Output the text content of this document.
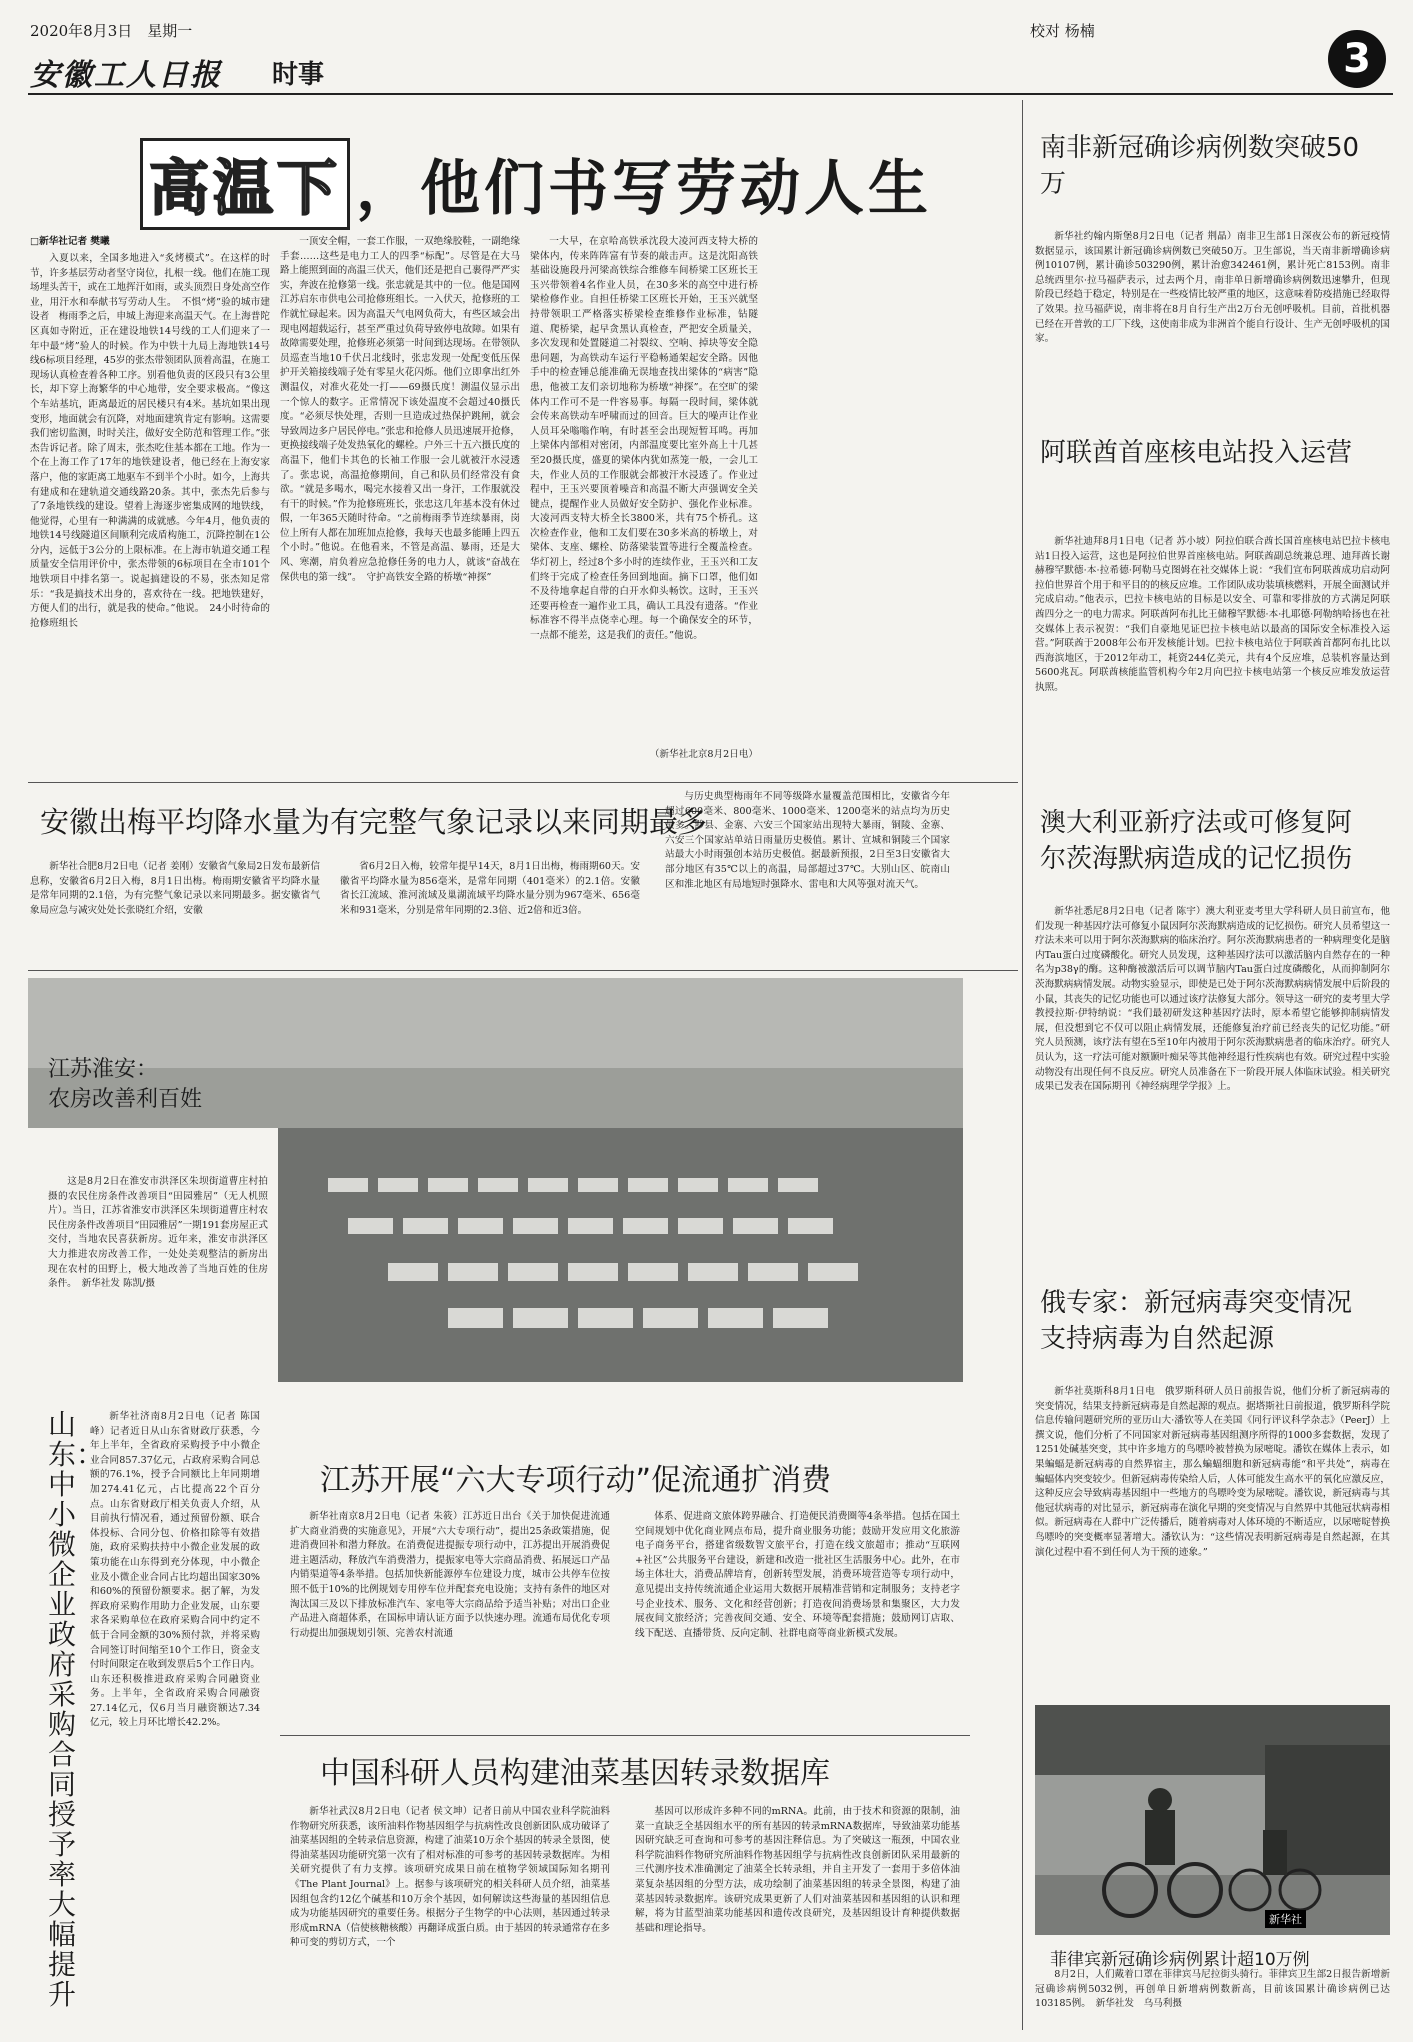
2020年8月3日　星期一
安徽工人日报 时事
校对 杨楠
3
高温下 ，他们书写劳动人生
□新华社记者 樊曦

入夏以来，全国多地进入“炙烤模式”。在这样的时节，许多基层劳动者坚守岗位，扎根一线。他们在施工现场埋头苦干，或在工地挥汗如雨，或头顶烈日身处高空作业，用汗水和奉献书写劳动人生。　不惧“烤”验的城市建设者　梅雨季之后，申城上海迎来高温天气。在上海普陀区真如寺附近，正在建设地铁14号线的工人们迎来了一年中最“烤”验人的时候。作为中铁十九局上海地铁14号线6标项目经理，45岁的张杰带领团队顶着高温，在施工现场认真检查着各种工序。别看他负责的区段只有3公里长，却下穿上海繁华的中心地带，安全要求极高。“像这个车站基坑，距离最近的居民楼只有4米。基坑如果出现变形，地面就会有沉降，对地面建筑肯定有影响。这需要我们密切监测，时时关注，做好安全防范和管理工作。”张杰告诉记者。除了周末，张杰吃住基本都在工地。作为一个在上海工作了17年的地铁建设者，他已经在上海安家落户，他的家距离工地驱车不到半个小时。如今，上海共有建成和在建轨道交通线路20条。其中，张杰先后参与了7条地铁线的建设。望着上海逐步密集成网的地铁线，他觉得，心里有一种满满的成就感。今年4月，他负责的地铁14号线隧道区间顺利完成盾构施工，沉降控制在1公分内，远低于3公分的上限标准。在上海市轨道交通工程质量安全信用评价中，张杰带领的6标项目在全市101个地铁项目中排名第一。说起搞建设的不易，张杰知足常乐：“我是搞技术出身的，喜欢待在一线。把地铁建好，方便人们的出行，就是我的使命。”他说。　24小时待命的抢修班组长

一顶安全帽，一套工作服，一双绝缘胶鞋，一副绝缘手套……这些是电力工人的四季“标配”。尽管是在大马路上能照到面的高温三伏天，他们还是把自己裹得严严实实，奔波在抢修第一线。张忠就是其中的一位。他是国网江苏启东市供电公司抢修班组长。一入伏天，抢修班的工作就忙碌起来。因为高温天气电网负荷大，有些区域会出现电网超载运行，甚至严重过负荷导致停电故障。如果有故障需要处理，抢修班必须第一时间到达现场。在带领队员巡查当地10千伏吕北线时，张忠发现一处配变低压保护开关箱接线端子处有零星火花闪烁。他们立即拿出红外测温仪，对准火花处一打——69摄氏度！测温仪显示出一个惊人的数字。正常情况下该处温度不会超过40摄氏度。“必须尽快处理，否则一旦造成过热保护跳闸，就会导致周边多户居民停电。”张忠和抢修人员迅速展开抢修，更换接线端子处发热氧化的螺栓。户外三十五六摄氏度的高温下，他们卡其色的长袖工作服一会儿就被汗水浸透了。张忠说，高温抢修期间，自己和队员们经常没有食欲。“就是多喝水，喝完水接着又出一身汗，工作服就没有干的时候。”作为抢修班班长，张忠这几年基本没有休过假，一年365天随时待命。“之前梅雨季节连续暴雨，岗位上所有人都在加班加点抢修，我每天也最多能睡上四五个小时。”他说。在他看来，不管是高温、暴雨，还是大风、寒潮，肩负着应急抢修任务的电力人，就该“奋战在保供电的第一线”。　守护高铁安全路的桥墩“神探”

一大早，在京哈高铁承沈段大凌河西支特大桥的梁体内，传来阵阵富有节奏的敲击声。这是沈阳高铁基础设施段丹河梁高铁综合维修车间桥梁工区班长王玉兴带领着4名作业人员，在30多米的高空中进行桥梁检修作业。自担任桥梁工区班长开始，王玉兴就坚持带领职工严格落实桥梁检查维修作业标准，钻隧道、爬桥梁，起早贪黑认真检查，严把安全质量关，多次发现和处置隧道二衬裂纹、空响、掉块等安全隐患问题，为高铁动车运行平稳畅通架起安全路。因他手中的检查锤总能准确无误地查找出梁体的“病害”隐患，他被工友们亲切地称为桥墩“神探”。在空旷的梁体内工作可不是一件容易事。每隔一段时间，梁体就会传来高铁动车呼啸而过的回音。巨大的噪声让作业人员耳朵嗡嗡作响，有时甚至会出现短暂耳鸣。再加上梁体内部相对密闭，内部温度要比室外高上十几甚至20摄氏度，盛夏的梁体内犹如蒸笼一般，一会儿工夫，作业人员的工作服就会都被汗水浸透了。作业过程中，王玉兴要顶着噪音和高温不断大声强调安全关键点，提醒作业人员做好安全防护、强化作业标准。大凌河西支特大桥全长3800米，共有75个桥孔。这次检查作业，他和工友们要在30多米高的桥墩上，对梁体、支座、螺栓、防落梁装置等进行全覆盖检查。华灯初上，经过8个多小时的连续作业，王玉兴和工友们终于完成了检查任务回到地面。摘下口罩，他们如不及待地拿起自带的白开水仰头畅饮。这时，王玉兴还要再检查一遍作业工具，确认工具没有遗落。“作业标准容不得半点侥幸心理。每一个确保安全的环节，一点都不能差，这是我们的责任。”他说。

（新华社北京8月2日电）
安徽出梅平均降水量为有完整气象记录以来同期最多

新华社合肥8月2日电（记者 姜刚）安徽省气象局2日发布最新信息称，安徽省6月2日入梅，8月1日出梅。梅雨期安徽省平均降水量是常年同期的2.1倍，为有完整气象记录以来同期最多。据安徽省气象局应急与减灾处处长张晓红介绍，安徽

省6月2日入梅，较常年提早14天，8月1日出梅，梅雨期60天。安徽省平均降水量为856毫米，是常年同期（401毫米）的2.1倍。安徽省长江流域、淮河流域及巢湖流域平均降水量分别为967毫米、656毫米和931毫米，分别是常年同期的2.3倍、近2倍和近3倍。

与历史典型梅雨年不同等级降水量覆盖范围相比，安徽省今年超过600毫米、800毫米、1000毫米、1200毫米的站点均为历史最多。黟县、金寨、六安三个国家站出现特大暴雨，铜陵、金寨、六安三个国家站单站日雨量历史极值。累计、宣城和铜陵三个国家站最大小时雨强创本站历史极值。据最新预报，2日至3日安徽省大部分地区有35℃以上的高温，局部超过37℃。大别山区、皖南山区和淮北地区有局地短时强降水、雷电和大风等强对流天气。

江苏淮安：
农房改善利百姓

这是8月2日在淮安市洪泽区朱坝街道曹庄村拍摄的农民住房条件改善项目“田园雅居”（无人机照片）。当日，江苏省淮安市洪泽区朱坝街道曹庄村农民住房条件改善项目“田园雅居”一期191套房屋正式交付，当地农民喜获新房。近年来，淮安市洪泽区大力推进农房改善工作，一处处美观整洁的新房出现在农村的田野上，极大地改善了当地百姓的住房条件。　新华社发 陈凯/摄

山东：中小微企业政府采购合同授予率大幅提升

新华社济南8月2日电（记者 陈国峰）记者近日从山东省财政厅获悉，今年上半年，全省政府采购授予中小微企业合同857.37亿元，占政府采购合同总额的76.1%，授予合同额比上年同期增加274.41亿元，占比提高22个百分点。山东省财政厅相关负责人介绍，从目前执行情况看，通过预留份额、联合体投标、合同分包、价格扣除等有效措施，政府采购扶持中小微企业发展的政策功能在山东得到充分体现，中小微企业及小微企业合同占比均超出国家30%和60%的预留份额要求。据了解，为发挥政府采购作用助力企业发展，山东要求各采购单位在政府采购合同中约定不低于合同金额的30%预付款，并将采购合同签订时间缩至10个工作日，资金支付时间限定在收到发票后5个工作日内。山东还积极推进政府采购合同融资业务。上半年，全省政府采购合同融资27.14亿元，仅6月当月融资额达7.34亿元，较上月环比增长42.2%。

江苏开展“六大专项行动”促流通扩消费

新华社南京8月2日电（记者 朱筱）江苏近日出台《关于加快促进流通扩大商业消费的实施意见》，开展“六大专项行动”，提出25条政策措施，促进消费回补和潜力释放。在消费促进提振专项行动中，江苏提出开展消费促进主题活动，释放汽车消费潜力，提振家电等大宗商品消费、拓展远口产品内销渠道等4条举措。包括加快新能源停车位建设力度，城市公共停车位按照不低于10%的比例规划专用停车位并配套充电设施；支持有条件的地区对淘汰国三及以下排放标准汽车、家电等大宗商品给予适当补贴；对出口企业产品进入商超体系，在国标申请认证方面予以快速办理。流通布局优化专项行动提出加强规划引领、完善农村流通

体系、促进商文旅体跨界融合、打造便民消费圈等4条举措。包括在国土空间规划中优化商业网点布局，提升商业服务功能；鼓励开发应用文化旅游电子商务平台，搭建省级数智文旅平台，打造在线文旅超市；推动“互联网+社区”公共服务平台建设，新建和改造一批社区生活服务中心。此外，在市场主体壮大，消费品牌培育，创新转型发展，消费环境营造等专项行动中，意见提出支持传统流通企业运用大数据开展精准营销和定制服务；支持老字号企业技术、服务、文化和经营创新；打造夜间消费场景和集聚区，大力发展夜间文旅经济；完善夜间交通、安全、环境等配套措施；鼓励网订店取、线下配送、直播带货、反向定制、社群电商等商业新模式发展。

中国科研人员构建油菜基因转录数据库

新华社武汉8月2日电（记者 侯文坤）记者日前从中国农业科学院油料作物研究所获悉，该所油料作物基因组学与抗病性改良创新团队成功破译了油菜基因组的全转录信息资源，构建了油菜10万余个基因的转录全景图，使得油菜基因功能研究第一次有了相对标准的可参考的基因转录数据库。为相关研究提供了有力支撑。该项研究成果日前在植物学领域国际知名期刊《The Plant Journal》上。据参与该项研究的相关科研人员介绍，油菜基因组包含约12亿个碱基和10万余个基因，如何解读这些海量的基因组信息成为功能基因研究的重要任务。根据分子生物学的中心法则，基因通过转录形成mRNA（信使核糖核酸）再翻译成蛋白质。由于基因的转录通常存在多种可变的剪切方式，一个

基因可以形成许多种不同的mRNA。此前，由于技术和资源的限制，油菜一直缺乏全基因组水平的所有基因的转录mRNA数据库，导致油菜功能基因研究缺乏可查询和可参考的基因注释信息。为了突破这一瓶颈，中国农业科学院油料作物研究所油料作物基因组学与抗病性改良创新团队采用最新的三代测序技术准确测定了油菜全长转录组，并自主开发了一套用于多倍体油菜复杂基因组的分型方法，成功绘制了油菜基因组的转录全景图，构建了油菜基因转录数据库。该研究成果更新了人们对油菜基因和基因组的认识和理解，将为甘蓝型油菜功能基因和遗传改良研究，及基因组设计育种提供数据基础和理论指导。

南非新冠确诊病例数突破50万

新华社约翰内斯堡8月2日电（记者 荆晶）南非卫生部1日深夜公布的新冠疫情数据显示，该国累计新冠确诊病例数已突破50万。卫生部说，当天南非新增确诊病例10107例，累计确诊503290例，累计治愈342461例，累计死亡8153例。南非总统西里尔·拉马福萨表示，过去两个月，南非单日新增确诊病例数迅速攀升，但现阶段已经趋于稳定，特别是在一些疫情比较严重的地区，这意味着防疫措施已经取得了效果。拉马福萨说，南非将在8月自行生产出2万台无创呼吸机。目前，首批机器已经在开普敦的工厂下线，这使南非成为非洲首个能自行设计、生产无创呼吸机的国家。

阿联酋首座核电站投入运营

新华社迪拜8月1日电（记者 苏小坡）阿拉伯联合酋长国首座核电站巴拉卡核电站1日投入运营，这也是阿拉伯世界首座核电站。阿联酋副总统兼总理、迪拜酋长谢赫穆罕默德·本·拉希德·阿勒马克图姆在社交媒体上说：“我们宣布阿联酋成功启动阿拉伯世界首个用于和平目的的核反应堆。工作团队成功装填核燃料，开展全面测试并完成启动。”他表示，巴拉卡核电站的目标是以安全、可靠和零排放的方式满足阿联酋四分之一的电力需求。阿联酋阿布扎比王储穆罕默德·本·扎耶德·阿勒纳哈扬也在社交媒体上表示祝贺：“我们自豪地见证巴拉卡核电站以最高的国际安全标准投入运营。”阿联酋于2008年公布开发核能计划。巴拉卡核电站位于阿联酋首都阿布扎比以西海滨地区，于2012年动工，耗资244亿美元，共有4个反应堆，总装机容量达到5600兆瓦。阿联酋核能监管机构今年2月向巴拉卡核电站第一个核反应堆发放运营执照。

澳大利亚新疗法或可修复阿尔茨海默病造成的记忆损伤

新华社悉尼8月2日电（记者 陈宇）澳大利亚麦考里大学科研人员日前宣布，他们发现一种基因疗法可修复小鼠因阿尔茨海默病造成的记忆损伤。研究人员希望这一疗法未来可以用于阿尔茨海默病的临床治疗。阿尔茨海默病患者的一种病理变化是脑内Tau蛋白过度磷酸化。研究人员发现，这种基因疗法可以激活脑内自然存在的一种名为p38γ的酶。这种酶被激活后可以调节脑内Tau蛋白过度磷酸化，从而抑制阿尔茨海默病病情发展。动物实验显示，即使是已处于阿尔茨海默病病情发展中后阶段的小鼠，其丧失的记忆功能也可以通过该疗法修复大部分。领导这一研究的麦考里大学教授拉斯·伊特纳说：“我们最初研发这种基因疗法时，原本希望它能够抑制病情发展，但没想到它不仅可以阻止病情发展，还能修复治疗前已经丧失的记忆功能。”研究人员预测，该疗法有望在5至10年内被用于阿尔茨海默病患者的临床治疗。研究人员认为，这一疗法可能对额颞叶痴呆等其他神经退行性疾病也有效。研究过程中实验动物没有出现任何不良反应。研究人员准备在下一阶段开展人体临床试验。相关研究成果已发表在国际期刊《神经病理学学报》上。

俄专家：新冠病毒突变情况支持病毒为自然起源

新华社莫斯科8月1日电　俄罗斯科研人员日前报告说，他们分析了新冠病毒的突变情况，结果支持新冠病毒是自然起源的观点。据塔斯社日前报道，俄罗斯科学院信息传输问题研究所的亚历山大·潘钦等人在美国《同行评议科学杂志》（PeerJ）上撰文说，他们分析了不同国家对新冠病毒基因组测序所得的1000多套数据，发现了1251处碱基突变，其中许多地方的鸟嘌呤被替换为尿嘧啶。潘钦在媒体上表示，如果蝙蝠是新冠病毒的自然界宿主，那么蝙蝠细胞和新冠病毒能“和平共处”，病毒在蝙蝠体内突变较少。但新冠病毒传染给人后，人体可能发生高水平的氧化应激反应，这种反应会导致病毒基因组中一些地方的鸟嘌呤变为尿嘧啶。潘钦说，新冠病毒与其他冠状病毒的对比显示，新冠病毒在演化早期的突变情况与自然界中其他冠状病毒相似。新冠病毒在人群中广泛传播后，随着病毒对人体环境的不断适应，以尿嘧啶替换鸟嘌呤的突变概率显著增大。潘钦认为：“这些情况表明新冠病毒是自然起源，在其演化过程中看不到任何人为干预的迹象。”

菲律宾新冠确诊病例累计超10万例

8月2日，人们戴着口罩在菲律宾马尼拉街头骑行。菲律宾卫生部2日报告新增新冠确诊病例5032例，再创单日新增病例数新高，目前该国累计确诊病例已达103185例。　新华社发　乌马利摄

新华社
